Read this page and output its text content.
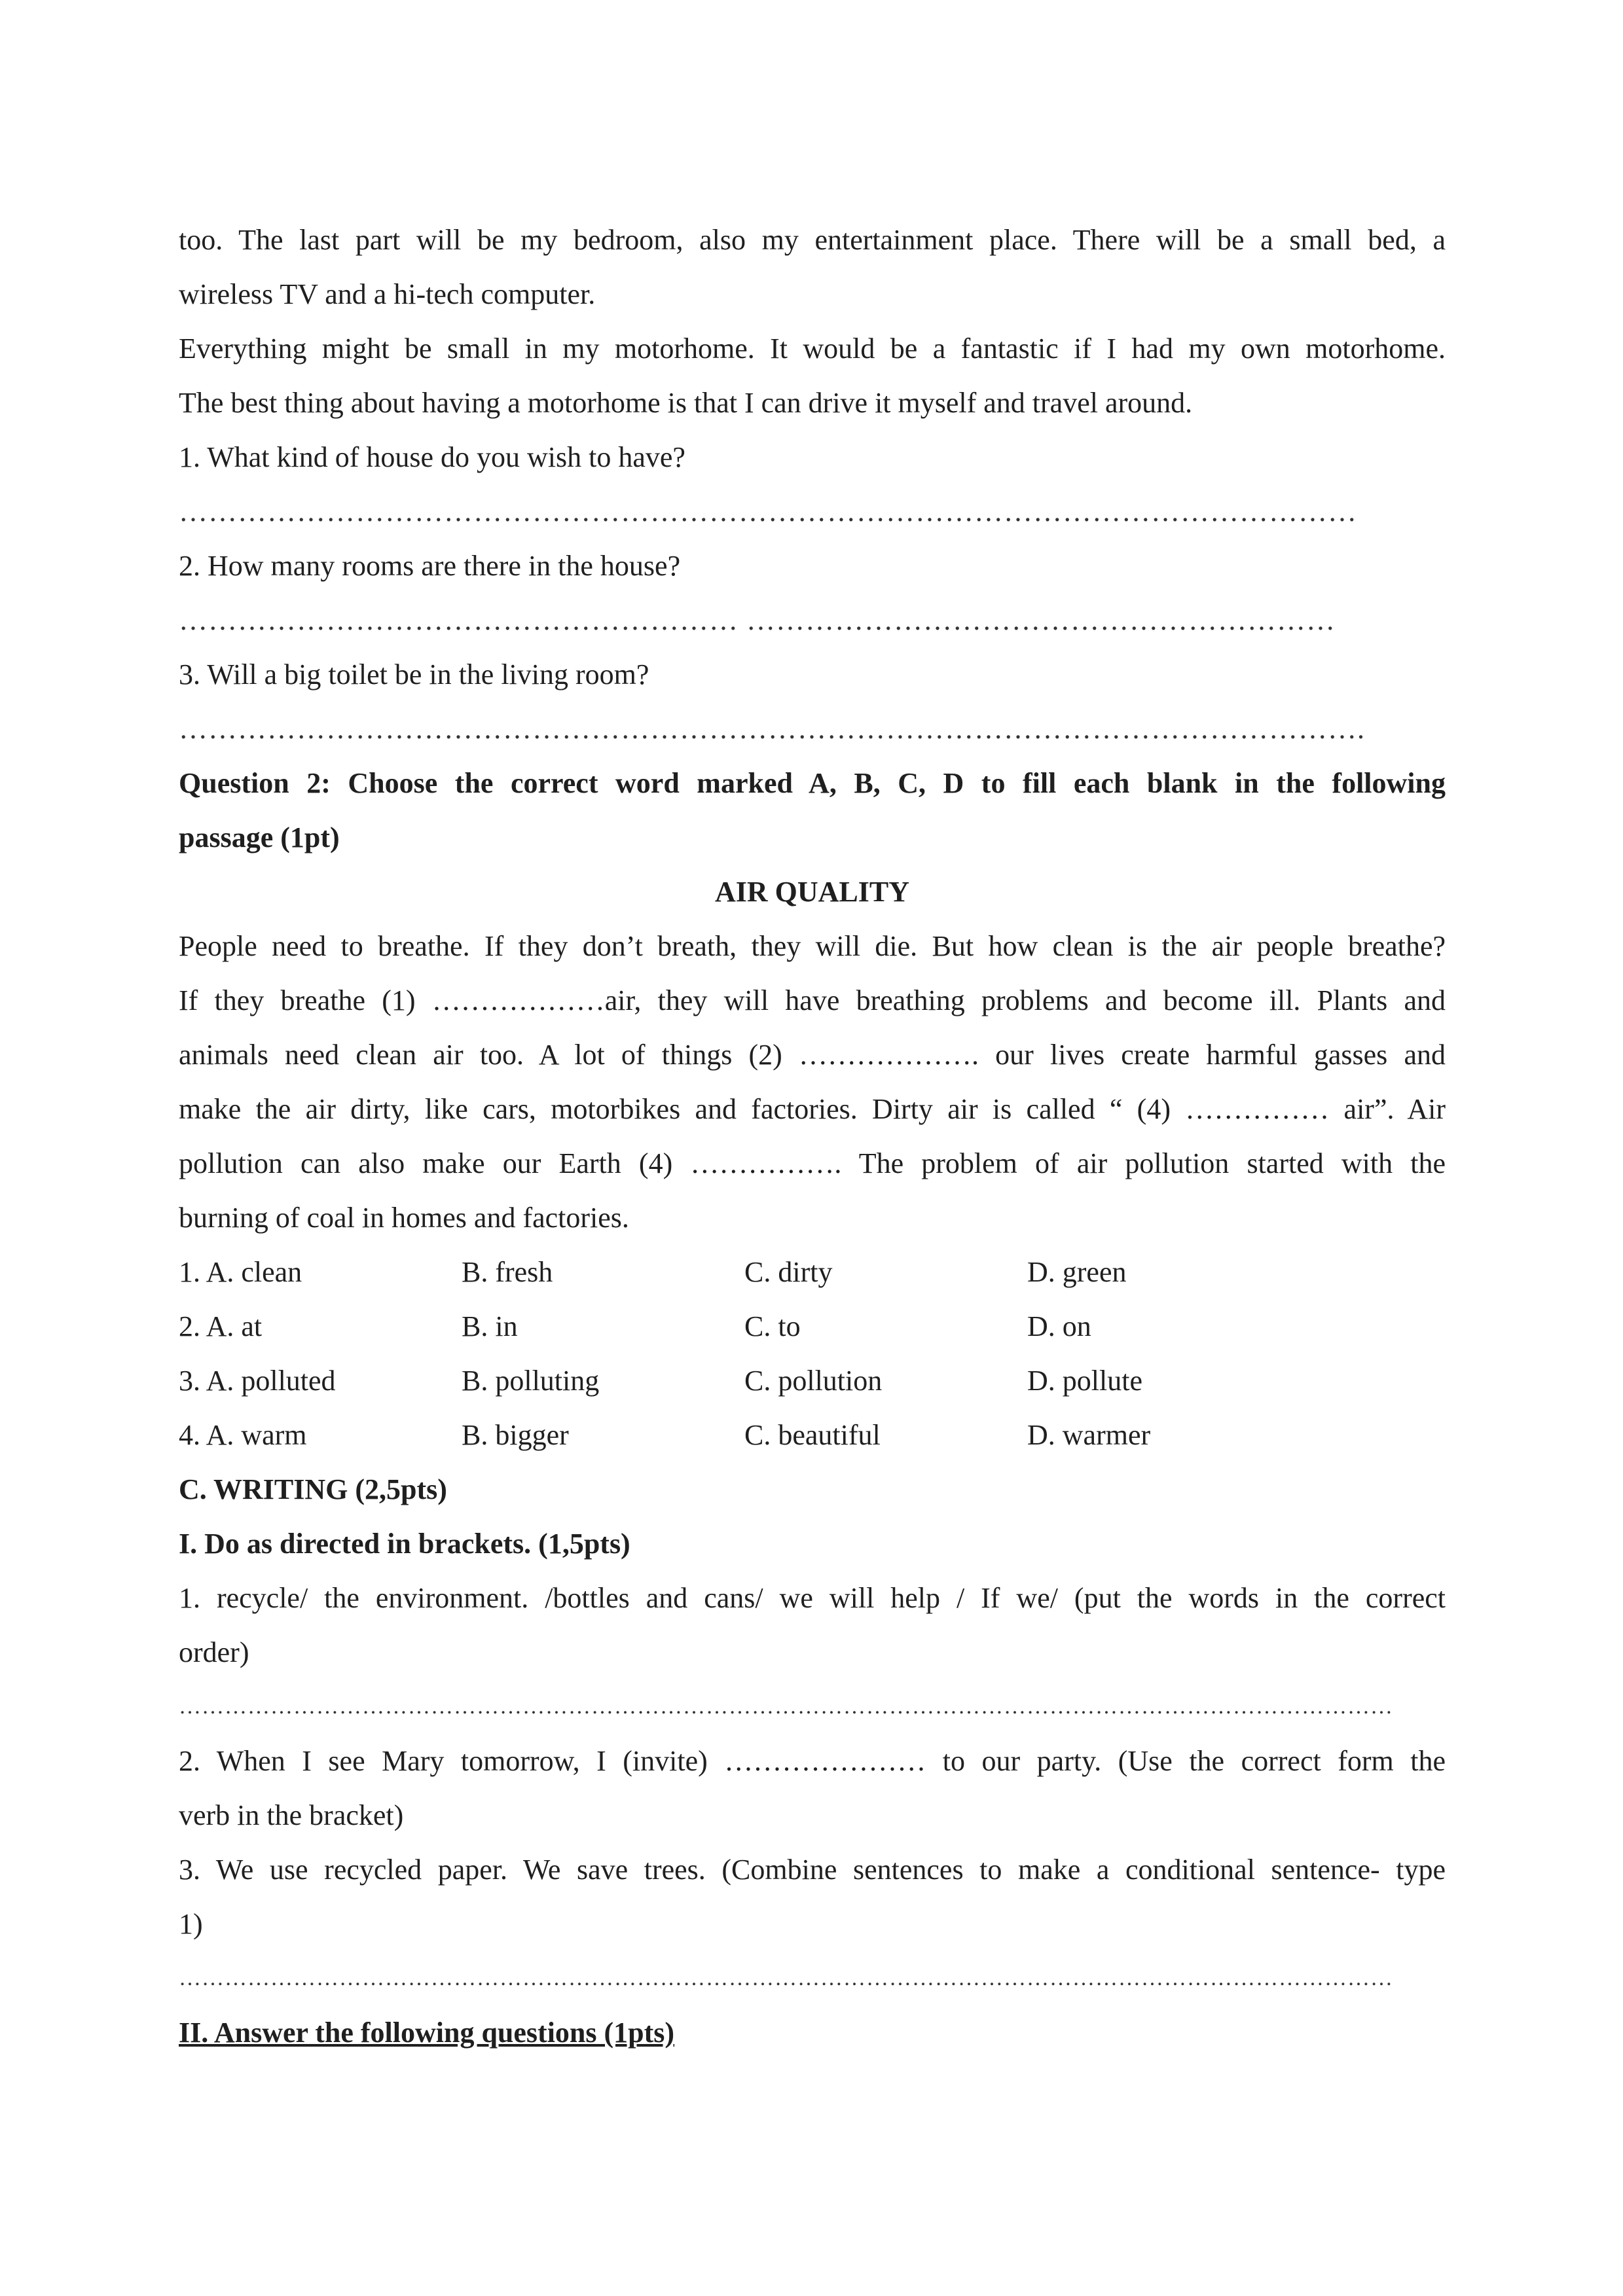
too. The last part will be my bedroom, also my entertainment place. There will be a small bed, a
wireless TV and a hi-tech computer.
Everything might be small in my motorhome. It would be a fantastic if I had my own motorhome.
The best thing about having a motorhome is that I can drive it myself and travel around.
1. What kind of house do you wish to have?
…………………………………………………………………………………………………………
2. How many rooms are there in the house?
………………………………………………… ……………………………………………………
3. Will a big toilet be in the living room?
………………………………………………………………………………………………………….
Question 2: Choose the correct word marked A, B, C, D to fill each blank in the following
passage (1pt)
AIR QUALITY
People need to breathe. If they don’t breath, they will die. But how clean is the air people breathe?
If they breathe (1) ………………air, they will have breathing problems and become ill. Plants and
animals need clean air too. A lot of things (2) ………………. our lives create harmful gasses and
make the air dirty, like cars, motorbikes and factories. Dirty air is called “ (4) …………… air”. Air
pollution can also make our Earth (4) ……………. The problem of air pollution started with the
burning of coal in homes and factories.
1. A. clean	B. fresh	C. dirty	D. green
2. A. at	B. in	C. to	D. on
3. A. polluted	B. polluting	C. pollution	D. pollute
4. A. warm	B. bigger	C. beautiful	D. warmer
C. WRITING (2,5pts)
I. Do as directed in brackets. (1,5pts)
1. recycle/ the environment. /bottles and cans/ we will help / If we/ (put the words in the correct
order)
……………………………………………………………………………………………………………………………………………
2. When I see Mary tomorrow, I (invite) ………………… to our party. (Use the correct form the
verb in the bracket)
3. We use recycled paper. We save trees. (Combine sentences to make a conditional sentence- type
1)
……………………………………………………………………………………………………………………………………………
II. Answer the following questions (1pts)
